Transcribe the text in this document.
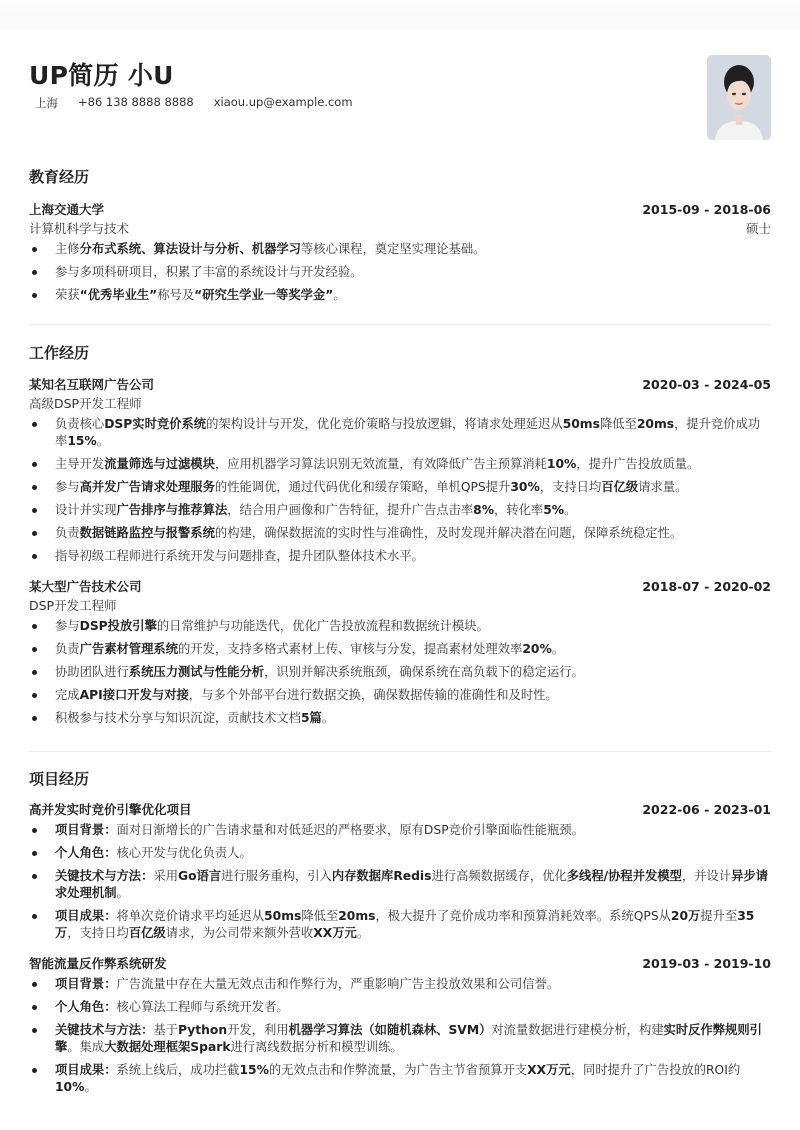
UP简历 小U
上海 +86 138 8888 8888 xiaou.up@example.com
教育经历
上海交通大学	2015-09 - 2018-06
计算机科学与技术	硕士
主修分布式系统、算法设计与分析、机器学习等核心课程，奠定坚实理论基础。
参与多项科研项目，积累了丰富的系统设计与开发经验。
荣获“优秀毕业生”称号及“研究生学业一等奖学金”。
工作经历
某知名互联网广告公司	2020-03 - 2024-05
高级DSP开发工程师
负责核心DSP实时竞价系统的架构设计与开发，优化竞价策略与投放逻辑，将请求处理延迟从50ms降低至20ms，提升竞价成功率15%。
主导开发流量筛选与过滤模块，应用机器学习算法识别无效流量，有效降低广告主预算消耗10%，提升广告投放质量。
参与高并发广告请求处理服务的性能调优，通过代码优化和缓存策略，单机QPS提升30%，支持日均百亿级请求量。
设计并实现广告排序与推荐算法，结合用户画像和广告特征，提升广告点击率8%，转化率5%。
负责数据链路监控与报警系统的构建，确保数据流的实时性与准确性，及时发现并解决潜在问题，保障系统稳定性。
指导初级工程师进行系统开发与问题排查，提升团队整体技术水平。
某大型广告技术公司	2018-07 - 2020-02
DSP开发工程师
参与DSP投放引擎的日常维护与功能迭代，优化广告投放流程和数据统计模块。
负责广告素材管理系统的开发，支持多格式素材上传、审核与分发，提高素材处理效率20%。
协助团队进行系统压力测试与性能分析，识别并解决系统瓶颈，确保系统在高负载下的稳定运行。
完成API接口开发与对接，与多个外部平台进行数据交换，确保数据传输的准确性和及时性。
积极参与技术分享与知识沉淀，贡献技术文档5篇。
项目经历
高并发实时竞价引擎优化项目	2022-06 - 2023-01
项目背景：面对日渐增长的广告请求量和对低延迟的严格要求，原有DSP竞价引擎面临性能瓶颈。
个人角色：核心开发与优化负责人。
关键技术与方法：采用Go语言进行服务重构，引入内存数据库Redis进行高频数据缓存，优化多线程/协程并发模型，并设计异步请求处理机制。
项目成果：将单次竞价请求平均延迟从50ms降低至20ms，极大提升了竞价成功率和预算消耗效率。系统QPS从20万提升至35万，支持日均百亿级请求，为公司带来额外营收XX万元。
智能流量反作弊系统研发	2019-03 - 2019-10
项目背景：广告流量中存在大量无效点击和作弊行为，严重影响广告主投放效果和公司信誉。
个人角色：核心算法工程师与系统开发者。
关键技术与方法：基于Python开发，利用机器学习算法（如随机森林、SVM）对流量数据进行建模分析，构建实时反作弊规则引擎。集成大数据处理框架Spark进行离线数据分析和模型训练。
项目成果：系统上线后，成功拦截15%的无效点击和作弊流量，为广告主节省预算开支XX万元，同时提升了广告投放的ROI约10%。
